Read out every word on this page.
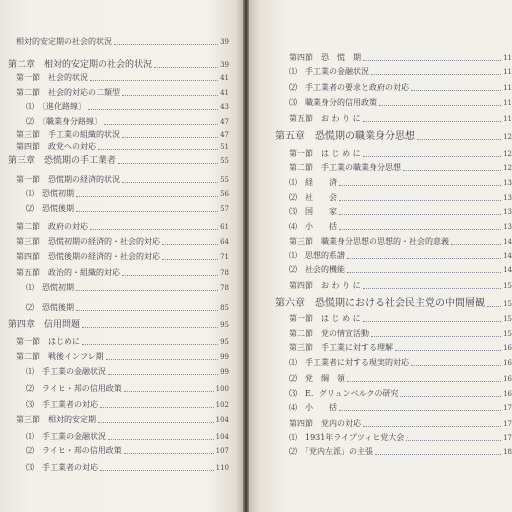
相対的安定期の社会的状況	39
第二章　相対的安定期の社会的状況	39
第一節　社会的状況	41
第二節　社会的対応の二類型	41
⑴　〔進化路線〕	43
⑵　〔職業身分路線〕	47
第三節　手工業の組織的状況	47
第四節　政党への対応	51
第三章　恐慌期の手工業者	55
第一節　恐慌期の経済的状況	55
⑴　恐慌初期	56
⑵　恐慌後期	57
第二節　政府の対応	61
第三節　恐慌初期の経済的・社会的対応	64
第四節　恐慌後期の経済的・社会的対応	71
第五節　政治的・組織的対応	78
⑴　恐慌初期	78
⑵　恐慌後期	85
第四章　信用問題	95
第一節　はじめに	95
第二節　戦後インフレ期	99
⑴　手工業の金融状況	99
⑵　ライヒ・邦の信用政策	100
⑶　手工業者の対応	102
第三節　相対的安定期	104
⑴　手工業の金融状況	104
⑵　ライヒ・邦の信用政策	107
⑶　手工業者の対応	110
第四節　恐　慌　期	11
⑴　手工業の金融状況	11
⑵　手工業者の要求と政府の対応	11
⑶　職業身分的信用政策	11
第五節　お わ り に	11
第五章　恐慌期の職業身分思想	12
第一節　は じ め に	12
第二節　手工業の職業身分思想	12
⑴　経　　済	13
⑵　社　　会	13
⑶　国　　家	13
⑷　小　　括	13
第三節　職業身分思想の思想的・社会的意義	14
⑴　思想的系譜	14
⑵　社会的機能	14
第四節　お わ り に	15
第六章　恐慌期における社会民主党の中間層観	15
第一節　は じ め に	15
第二節　党の情宣活動	15
第三節　手工業に対する理解	16
⑴　手工業者に対する現実的対応	16
⑵　党　綱　領	16
⑶　E．グリュンベルクの研究	16
⑷　小　　括	17
第四節　党内の対応	17
⑴　1931年ライプツィヒ党大会	17
⑵　「党内左派」の主張	18
